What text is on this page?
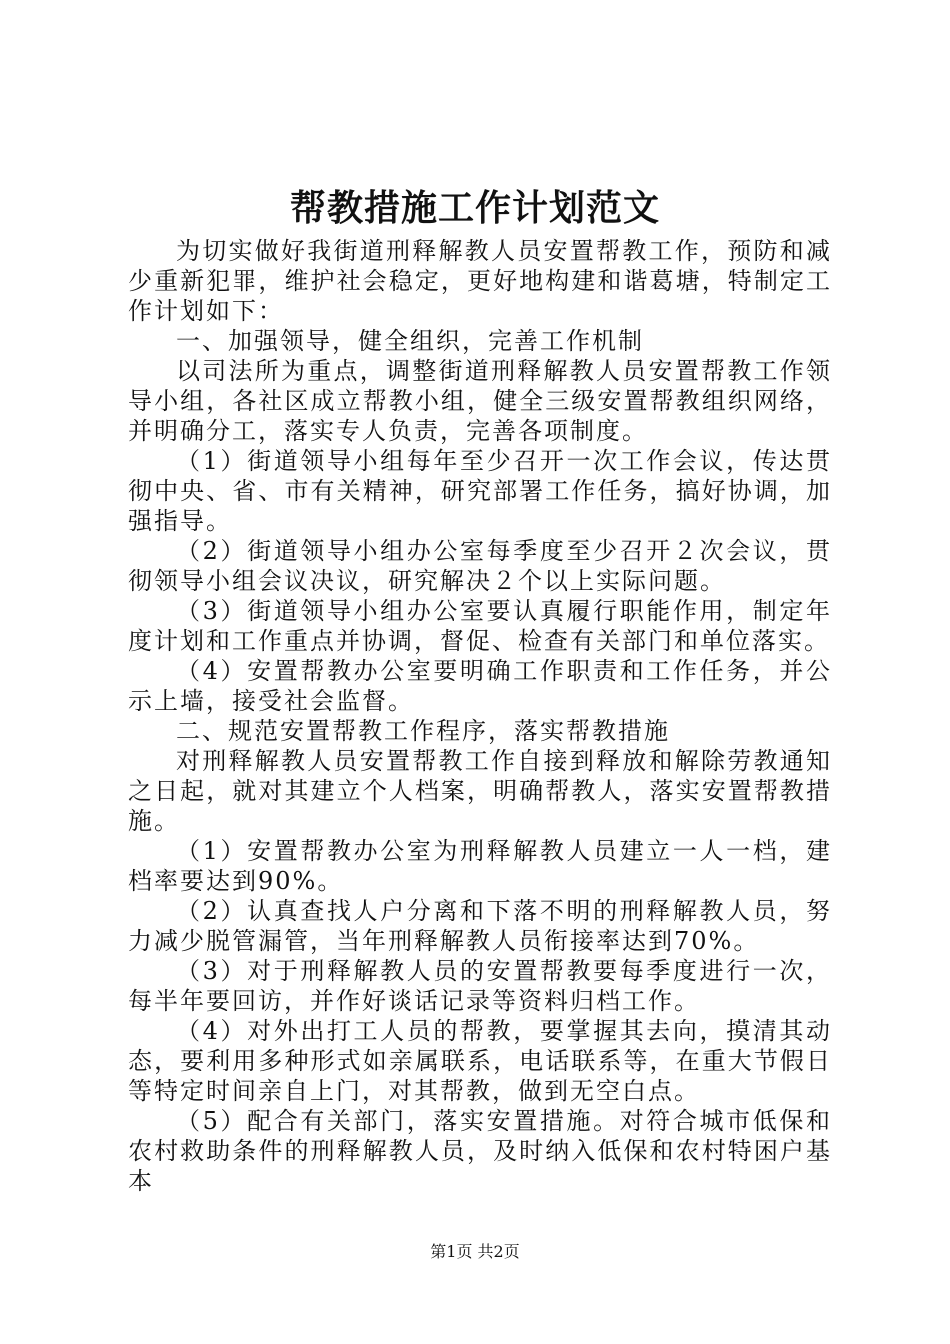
帮教措施工作计划范文

为切实做好我街道刑释解教人员安置帮教工作，预防和减少重新犯罪，维护社会稳定，更好地构建和谐葛塘，特制定工作计划如下：

一、加强领导，健全组织，完善工作机制

以司法所为重点，调整街道刑释解教人员安置帮教工作领导小组，各社区成立帮教小组，健全三级安置帮教组织网络，并明确分工，落实专人负责，完善各项制度。

（1）街道领导小组每年至少召开一次工作会议，传达贯彻中央、省、市有关精神，研究部署工作任务，搞好协调，加强指导。

（2）街道领导小组办公室每季度至少召开２次会议，贯彻领导小组会议决议，研究解决２个以上实际问题。

（3）街道领导小组办公室要认真履行职能作用，制定年度计划和工作重点并协调，督促、检查有关部门和单位落实。

（4）安置帮教办公室要明确工作职责和工作任务，并公示上墙，接受社会监督。

二、规范安置帮教工作程序，落实帮教措施

对刑释解教人员安置帮教工作自接到释放和解除劳教通知之日起，就对其建立个人档案，明确帮教人，落实安置帮教措施。

（1）安置帮教办公室为刑释解教人员建立一人一档，建档率要达到90%。

（2）认真查找人户分离和下落不明的刑释解教人员，努力减少脱管漏管，当年刑释解教人员衔接率达到70%。

（3）对于刑释解教人员的安置帮教要每季度进行一次，每半年要回访，并作好谈话记录等资料归档工作。

（4）对外出打工人员的帮教，要掌握其去向，摸清其动态，要利用多种形式如亲属联系，电话联系等，在重大节假日等特定时间亲自上门，对其帮教，做到无空白点。

（5）配合有关部门，落实安置措施。对符合城市低保和农村救助条件的刑释解教人员，及时纳入低保和农村特困户基本

第1页 共2页
